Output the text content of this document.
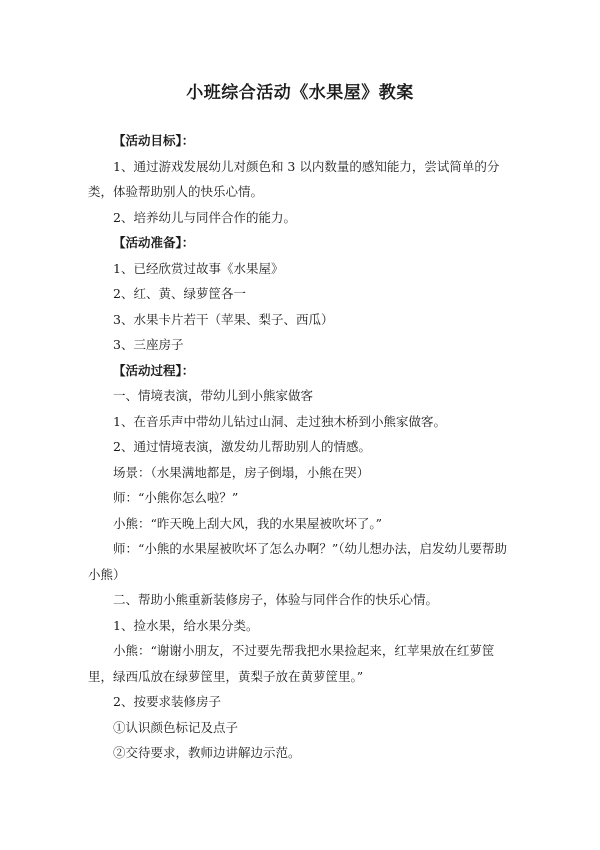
小班综合活动《水果屋》教案

【活动目标】：

1、通过游戏发展幼儿对颜色和 3 以内数量的感知能力，尝试简单的分类，体验帮助别人的快乐心情。

2、培养幼儿与同伴合作的能力。

【活动准备】：

1、已经欣赏过故事《水果屋》

2、红、黄、绿萝筐各一

3、水果卡片若干（苹果、梨子、西瓜）

3、三座房子

【活动过程】：

一、情境表演，带幼儿到小熊家做客

1、在音乐声中带幼儿钻过山洞、走过独木桥到小熊家做客。

2、通过情境表演，激发幼儿帮助别人的情感。

场景：（水果满地都是，房子倒塌，小熊在哭）

师：“小熊你怎么啦？”

小熊：“昨天晚上刮大风，我的水果屋被吹坏了。”

师：“小熊的水果屋被吹坏了怎么办啊？”（幼儿想办法，启发幼儿要帮助小熊）

二、帮助小熊重新装修房子，体验与同伴合作的快乐心情。

1、捡水果，给水果分类。

小熊：“谢谢小朋友，不过要先帮我把水果捡起来，红苹果放在红萝筐里，绿西瓜放在绿萝筐里，黄梨子放在黄萝筐里。”

2、按要求装修房子

①认识颜色标记及点子

②交待要求，教师边讲解边示范。
